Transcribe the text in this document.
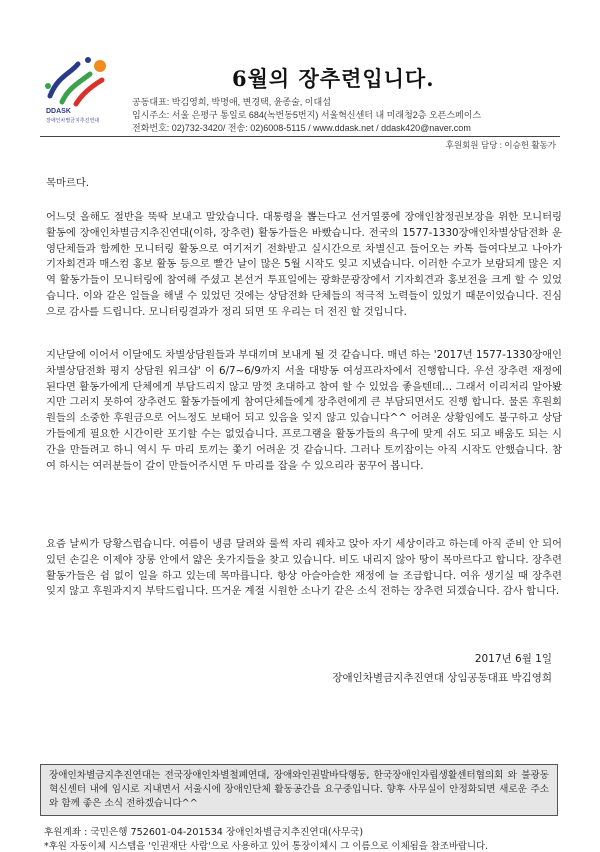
DDASK
장애인차별금지추진연대
6월의 장추련입니다.
공동대표: 박김영희, 박명애, 변경택, 윤종술, 이대섭
임시주소: 서울 은평구 통일로 684(녹번동5번지) 서울혁신센터 내 미래청2층 오픈스페이스
전화번호: 02)732-3420/ 전송: 02)6008-5115 / www.ddask.net / ddask420@naver.com
후원회원 담당 : 이승헌 활동가

목마르다.

어느덧 올해도 절반을 뚝딱 보내고 말았습니다. 대통령을 뽑는다고 선거열풍에 장애인참정권보장을 위한 모니터링 활동에 장애인차별금지추진연대(이하, 장추련) 활동가들은 바빴습니다. 전국의 1577-1330장애인차별상담전화 운영단체들과 함께한 모니터링 활동으로 여기저기 전화받고 실시간으로 차별신고 들어오는 카톡 들여다보고 나아가 기자회견과 매스컴 홍보 활동 등으로 빨간 날이 많은 5월 시작도 잊고 지냈습니다. 이러한 수고가 보람되게 많은 지역 활동가들이 모니터링에 참여해 주셨고 본선거 투표일에는 광화문광장에서 기자회견과 홍보전을 크게 할 수 있었습니다. 이와 같은 일들을 해낼 수 있었던 것에는 상담전화 단체들의 적극적 노력들이 있었기 때문이었습니다. 진심으로 감사를 드립니다. 모니터링결과가 정리 되면 또 우리는 더 전진 할 것입니다.

지난달에 이어서 이달에도 차별상담원들과 부대끼며 보내게 될 것 같습니다. 매년 하는 '2017년 1577-1330장애인차별상담전화 평지 상담원 워크샵' 이 6/7~6/9까지 서울 대방동 여성프라자에서 진행합니다. 우선 장추련 재정에 된다면 활동가에게 단체에게 부담드리지 않고 맘껏 초대하고 참여 할 수 있었음 좋을텐데… 그래서 이리저리 알아봤지만 그러지 못하여 장추련도 활동가들에게 참여단체들에게 장추련에게 큰 부담되면서도 진행 합니다. 물론 후원회원들의 소중한 후원금으로 어느정도 보태어 되고 있음을 잊지 않고 있습니다^^ 어려운 상황임에도 불구하고 상담가들에게 필요한 시간이란 포기할 수는 없었습니다. 프로그램을 활동가들의 욕구에 맞게 쉬도 되고 배움도 되는 시간을 만들려고 하니 역시 두 마리 토끼는 쫓기 어려운 것 같습니다. 그러나 토끼잡이는 아직 시작도 안했습니다. 참여 하시는 여러분들이 갈이 만들어주시면 두 마리를 잡을 수 있으리라 꿈꾸어 봅니다.

요즘 날씨가 당황스럽습니다. 여름이 냉큼 달려와 룰썩 자리 꿰차고 앉아 자기 세상이라고 하는데 아직 준비 안 되어 있던 손길은 이제야 장롱 안에서 얇은 옷가지들을 찾고 있습니다. 비도 내리지 않아 땅이 목마르다고 합니다. 장추련 활동가들은 쉼 없이 일을 하고 있는데 목마릅니다. 항상 아슬아슬한 재정에 늘 조급합니다. 여유 생기실 때 장추련 잊지 않고 후원과지지 부탁드립니다. 뜨거운 계절 시원한 소나기 같은 소식 전하는 장추련 되겠습니다. 감사 합니다.

2017년 6월 1일
장애인차별금지추진연대 상임공동대표 박김영희

장애인차별금지추진연대는 전국장애인차별철폐연대, 장애와인권발바닥행동, 한국장애인자립생활센터협의회 와 불광동 혁신센터 내에 임시로 지내면서 서울시에 장애인단체 활동공간을 요구중입니다. 향후 사무실이 안정화되면 새로운 주소와 함께 좋은 소식 전하겠습니다^^

후원계좌 : 국민은행 752601-04-201534 장애인차별금지추진연대(사무국)
*후원 자동이체 시스템을 '인권재단 사람'으로 사용하고 있어 통장이체시 그 이름으로 이체됨을 참조바랍니다.
